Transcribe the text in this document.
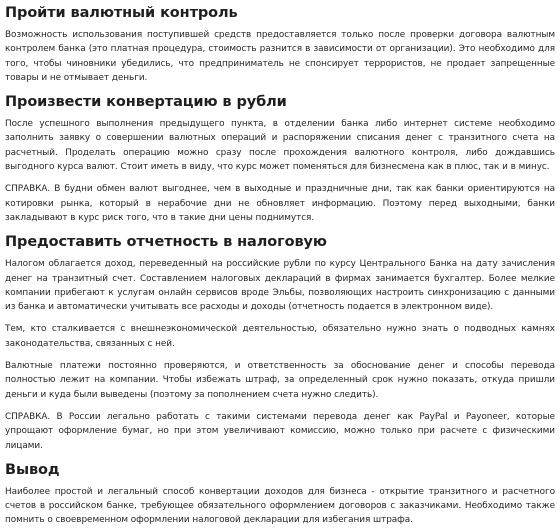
Пройти валютный контроль

Возможность использования поступившей средств предоставляется только после проверки договора валютным контролем банка (это платная процедура, стоимость разнится в зависимости от организации). Это необходимо для того, чтобы чиновники убедились, что предприниматель не спонсирует террористов, не продает запрещенные товары и не отмывает деньги.

Произвести конвертацию в рубли

После успешного выполнения предыдущего пункта, в отделении банка либо интернет системе необходимо заполнить заявку о совершении валютных операций и распоряжении списания денег с транзитного счета на расчетный. Проделать операцию можно сразу после прохождения валютного контроля, либо дождавшись выгодного курса валют. Стоит иметь в виду, что курс может поменяться для бизнесмена как в плюс, так и в минус.

СПРАВКА. В будни обмен валют выгоднее, чем в выходные и праздничные дни, так как банки ориентируются на котировки рынка, который в нерабочие дни не обновляет информацию. Поэтому перед выходными, банки закладывают в курс риск того, что в такие дни цены поднимутся.

Предоставить отчетность в налоговую

Налогом облагается доход, переведенный на российские рубли по курсу Центрального Банка на дату зачисления денег на транзитный счет. Составлением налоговых деклараций в фирмах занимается бухгалтер. Более мелкие компании прибегают к услугам онлайн сервисов вроде Эльбы, позволяющих настроить синхронизацию с данными из банка и автоматически учитывать все расходы и доходы (отчетность подается в электронном виде).

Тем, кто сталкивается с внешнеэкономической деятельностью, обязательно нужно знать о подводных камнях законодательства, связанных с ней.

Валютные платежи постоянно проверяются, и ответственность за обоснование денег и способы перевода полностью лежит на компании. Чтобы избежать штраф, за определенный срок нужно показать, откуда пришли деньги и куда были выведены (поэтому за пополнением счета нужно следить).

СПРАВКА. В России легально работать с такими системами перевода денег как PayPal и Payoneer, которые упрощают оформление бумаг, но при этом увеличивают комиссию, можно только при расчете с физическими лицами.

Вывод

Наиболее простой и легальный способ конвертации доходов для бизнеса - открытие транзитного и расчетного счетов в российском банке, требующее обязательного оформлением договоров с заказчиками. Необходимо также помнить о своевременном оформлении налоговой декларации для избегания штрафа.
